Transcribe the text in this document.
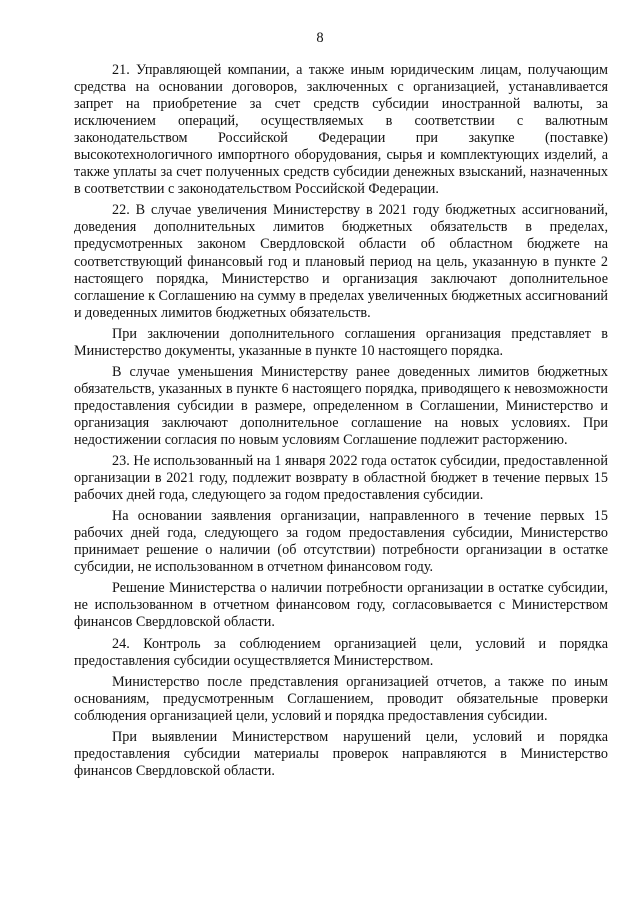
8

21. Управляющей компании, а также иным юридическим лицам, получающим средства на основании договоров, заключенных с организацией, устанавливается запрет на приобретение за счет средств субсидии иностранной валюты, за исключением операций, осуществляемых в соответствии с валютным законодательством Российской Федерации при закупке (поставке) высокотехнологичного импортного оборудования, сырья и комплектующих изделий, а также уплаты за счет полученных средств субсидии денежных взысканий, назначенных в соответствии с законодательством Российской Федерации.

22. В случае увеличения Министерству в 2021 году бюджетных ассигнований, доведения дополнительных лимитов бюджетных обязательств в пределах, предусмотренных законом Свердловской области об областном бюджете на соответствующий финансовый год и плановый период на цель, указанную в пункте 2 настоящего порядка, Министерство и организация заключают дополнительное соглашение к Соглашению на сумму в пределах увеличенных бюджетных ассигнований и доведенных лимитов бюджетных обязательств.

При заключении дополнительного соглашения организация представляет в Министерство документы, указанные в пункте 10 настоящего порядка.

В случае уменьшения Министерству ранее доведенных лимитов бюджетных обязательств, указанных в пункте 6 настоящего порядка, приводящего к невозможности предоставления субсидии в размере, определенном в Соглашении, Министерство и организация заключают дополнительное соглашение на новых условиях. При недостижении согласия по новым условиям Соглашение подлежит расторжению.

23. Не использованный на 1 января 2022 года остаток субсидии, предоставленной организации в 2021 году, подлежит возврату в областной бюджет в течение первых 15 рабочих дней года, следующего за годом предоставления субсидии.

На основании заявления организации, направленного в течение первых 15 рабочих дней года, следующего за годом предоставления субсидии, Министерство принимает решение о наличии (об отсутствии) потребности организации в остатке субсидии, не использованном в отчетном финансовом году.

Решение Министерства о наличии потребности организации в остатке субсидии, не использованном в отчетном финансовом году, согласовывается с Министерством финансов Свердловской области.

24. Контроль за соблюдением организацией цели, условий и порядка предоставления субсидии осуществляется Министерством.

Министерство после представления организацией отчетов, а также по иным основаниям, предусмотренным Соглашением, проводит обязательные проверки соблюдения организацией цели, условий и порядка предоставления субсидии.

При выявлении Министерством нарушений цели, условий и порядка предоставления субсидии материалы проверок направляются в Министерство финансов Свердловской области.
